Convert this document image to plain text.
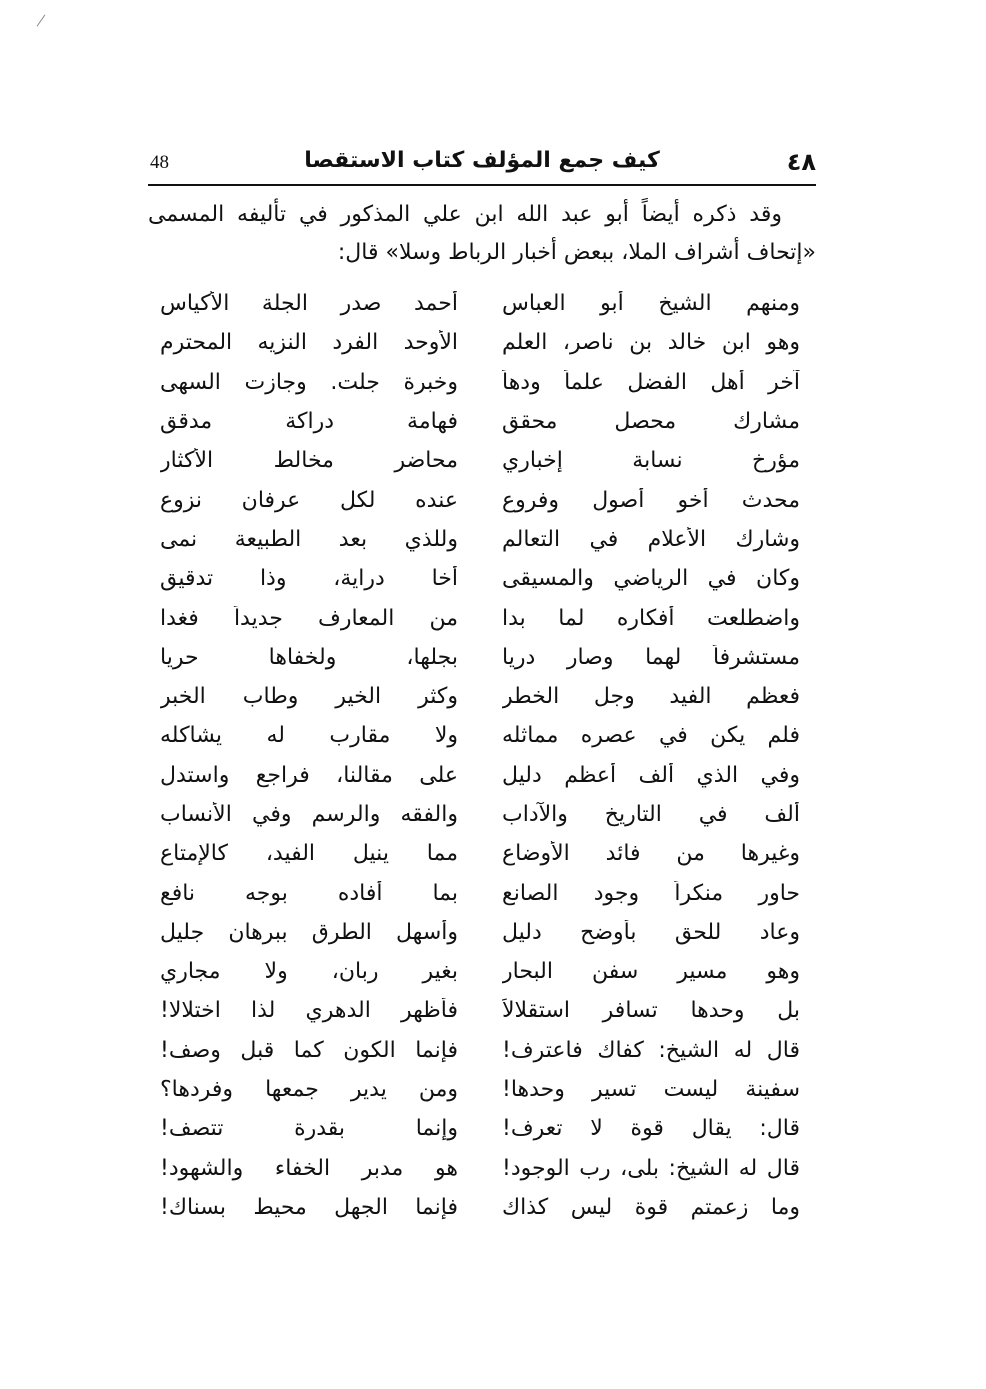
٤٨
كيف جمع المؤلف كتاب الاستقصا
48

وقد ذكره أيضاً أبو عبد الله ابن علي المذكور في تأليفه المسمى «إتحاف أشراف الملا، ببعض أخبار الرباط وسلا» قال:

ومنهم الشيخ أبو العباس
أحمد صدر الجلة الأكياس
وهو ابن خالد بن ناصر، العلم
الأوحد الفرد النزيه المحترم
آخر أهل الفضل علماً ودهاً
وخبرة جلت. وجازت السهى
مشارك محصل محقق
فهامة دراكة مدقق
مؤرخ نسابة إخباري
محاضر مخالط الأكثار
محدث أخو أصول وفروع
عنده لكل عرفان نزوع
وشارك الأعلام في التعالم
وللذي بعد الطبيعة نمى
وكان في الرياضي والمسيقى
أخا دراية، وذا تدقيق
واضطلعت أفكاره لما بدا
من المعارف جديداً فغدا
مستشرفاً لهما وصار دريا
بجلها، ولخفاها حريا
فعظم الفيد وجل الخطر
وكثر الخير وطاب الخبر
فلم يكن في عصره مماثله
ولا مقارب له يشاكله
وفي الذي ألف أعظم دليل
على مقالنا، فراجع واستدل
ألف في التاريخ والآداب
والفقه والرسم وفي الأنساب
وغيرها من فائد الأوضاع
مما ينيل الفيد، كالإمتاع
حاور منكراً وجود الصانع
بما أفاده بوجه نافع
وعاد للحق بأوضح دليل
وأسهل الطرق ببرهان جليل
وهو مسير سفن البحار
بغير ربان، ولا مجاري
بل وحدها تسافر استقلالاً
فأظهر الدهري لذا اختلالا!
قال له الشيخ: كفاك فاعترف!
فإنما الكون كما قبل وصف!
سفينة ليست تسير وحدها!
ومن يدير جمعها وفردها؟
قال: يقال قوة لا تعرف!
وإنما بقدرة تتصف!
قال له الشيخ: بلى، رب الوجود!
هو مدبر الخفاء والشهود!
وما زعمتم قوة ليس كذاك
فإنما الجهل محيط بسناك!
